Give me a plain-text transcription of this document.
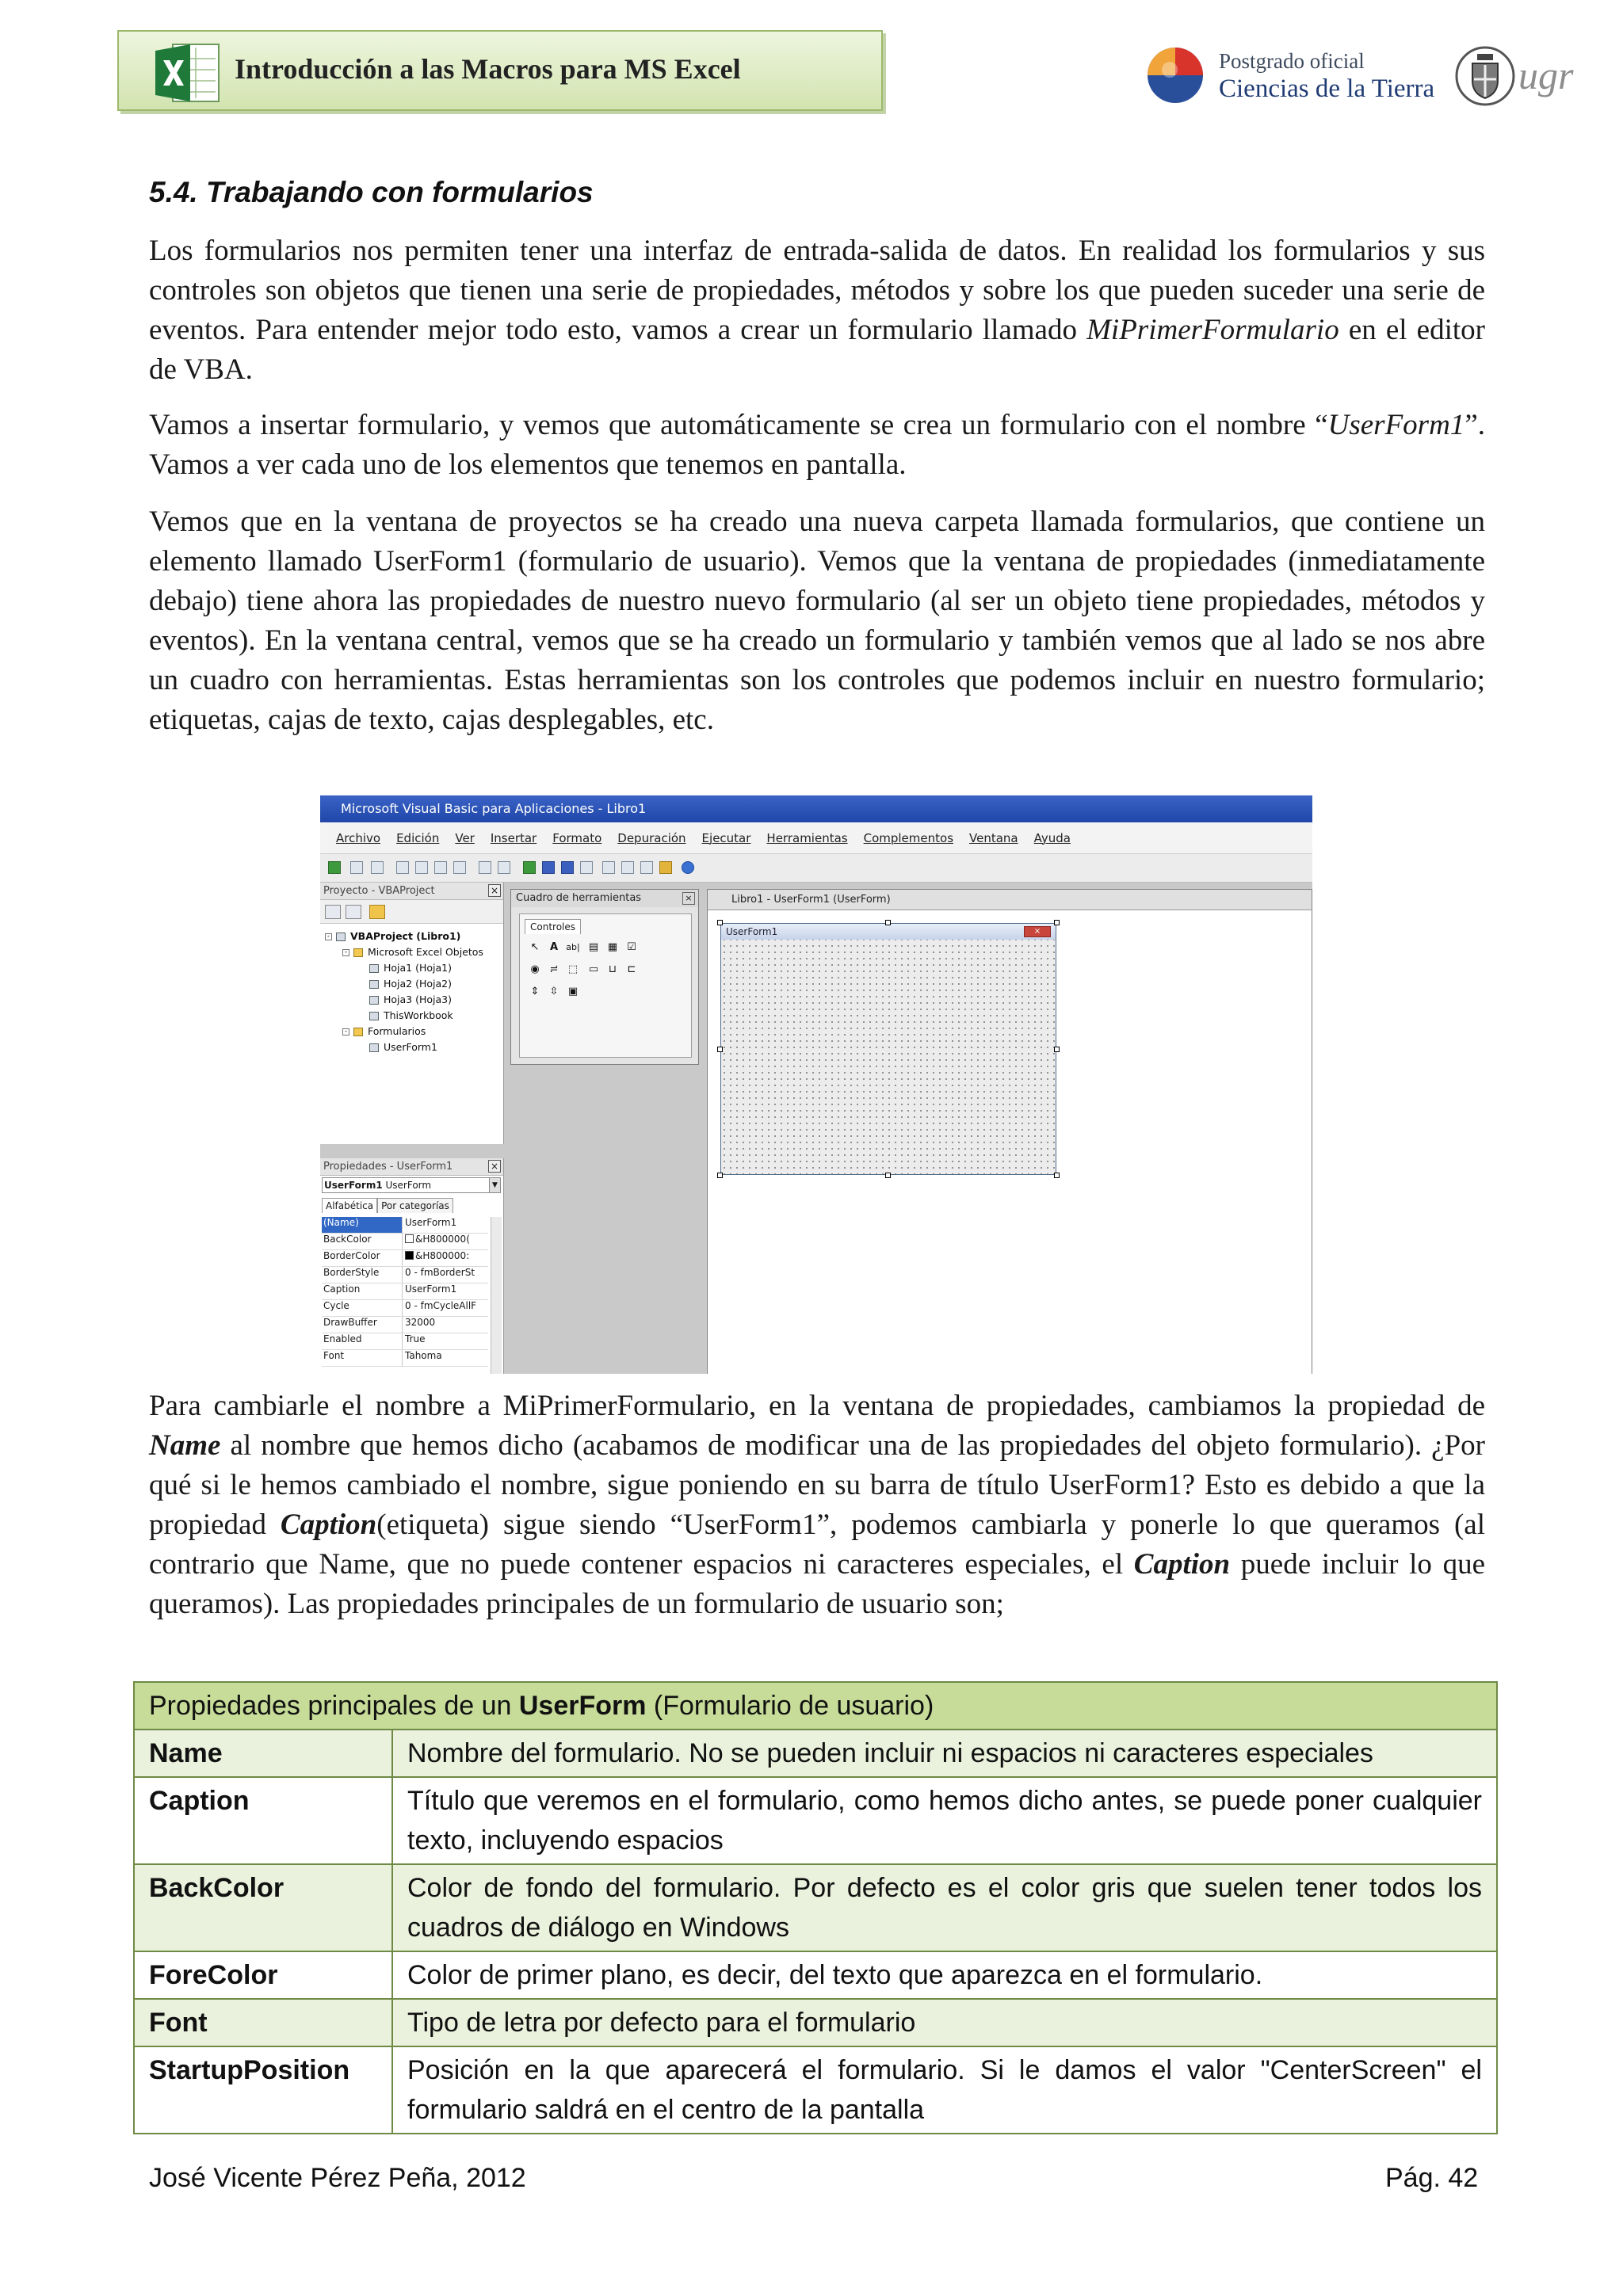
Introducción a las Macros para MS Excel	Postgrado oficial
Ciencias de la Tierra ugr
5.4. Trabajando con formularios

Los formularios nos permiten tener una interfaz de entrada-salida de datos. En realidad los formularios y sus controles son objetos que tienen una serie de propiedades, métodos y sobre los que pueden suceder una serie de eventos. Para entender mejor todo esto, vamos a crear un formulario llamado MiPrimerFormulario en el editor de VBA.

Vamos a insertar formulario, y vemos que automáticamente se crea un formulario con el nombre “UserForm1”. Vamos a ver cada uno de los elementos que tenemos en pantalla.

Vemos que en la ventana de proyectos se ha creado una nueva carpeta llamada formularios, que contiene un elemento llamado UserForm1 (formulario de usuario). Vemos que la ventana de propiedades (inmediatamente debajo) tiene ahora las propiedades de nuestro nuevo formulario (al ser un objeto tiene propiedades, métodos y eventos). En la ventana central, vemos que se ha creado un formulario y también vemos que al lado se nos abre un cuadro con herramientas. Estas herramientas son los controles que podemos incluir en nuestro formulario; etiquetas, cajas de texto, cajas desplegables, etc.

Microsoft Visual Basic para Aplicaciones - Libro1
Archivo Edición Ver Insertar Formato Depuración Ejecutar Herramientas Complementos Ventana Ayuda
Proyecto - VBAProject	×
- VBAProject (Libro1)
- Microsoft Excel Objetos
Hoja1 (Hoja1)
Hoja2 (Hoja2)
Hoja3 (Hoja3)
ThisWorkbook
- Formularios
UserForm1
Propiedades - UserForm1	×
UserForm1 UserForm	▼
Alfabética Por categorías
(Name)	UserForm1
BackColor	&H800000(
BorderColor	&H800000:
BorderStyle	0 - fmBorderSt
Caption	UserForm1
Cycle	0 - fmCycleAllF
DrawBuffer	32000
Enabled	True
Font	Tahoma
Cuadro de herramientas	×
Controles
↖	A ab| ▤ ▦ ☑
◉ ≓ ⬚ ▭ ⊔	⊏
⇕ ⇳ ▣
Libro1 - UserForm1 (UserForm)
UserForm1	×

Para cambiarle el nombre a MiPrimerFormulario, en la ventana de propiedades, cambiamos la propiedad de Name al nombre que hemos dicho (acabamos de modificar una de las propiedades del objeto formulario). ¿Por qué si le hemos cambiado el nombre, sigue poniendo en su barra de título UserForm1? Esto es debido a que la propiedad Caption(etiqueta) sigue siendo “UserForm1”, podemos cambiarla y ponerle lo que queramos (al contrario que Name, que no puede contener espacios ni caracteres especiales, el Caption puede incluir lo que queramos). Las propiedades principales de un formulario de usuario son;

Propiedades principales de un UserForm (Formulario de usuario)	
Name	Nombre del formulario. No se pueden incluir ni espacios ni caracteres especiales
Caption	Título que veremos en el formulario, como hemos dicho antes, se puede poner cualquier texto, incluyendo espacios
BackColor	Color de fondo del formulario. Por defecto es el color gris que suelen tener todos los cuadros de diálogo en Windows
ForeColor	Color de primer plano, es decir, del texto que aparezca en el formulario.
Font	Tipo de letra por defecto para el formulario
StartupPosition	Posición en la que aparecerá el formulario. Si le damos el valor "CenterScreen" el formulario saldrá en el centro de la pantalla
José Vicente Pérez Peña, 2012	Pág. 42
